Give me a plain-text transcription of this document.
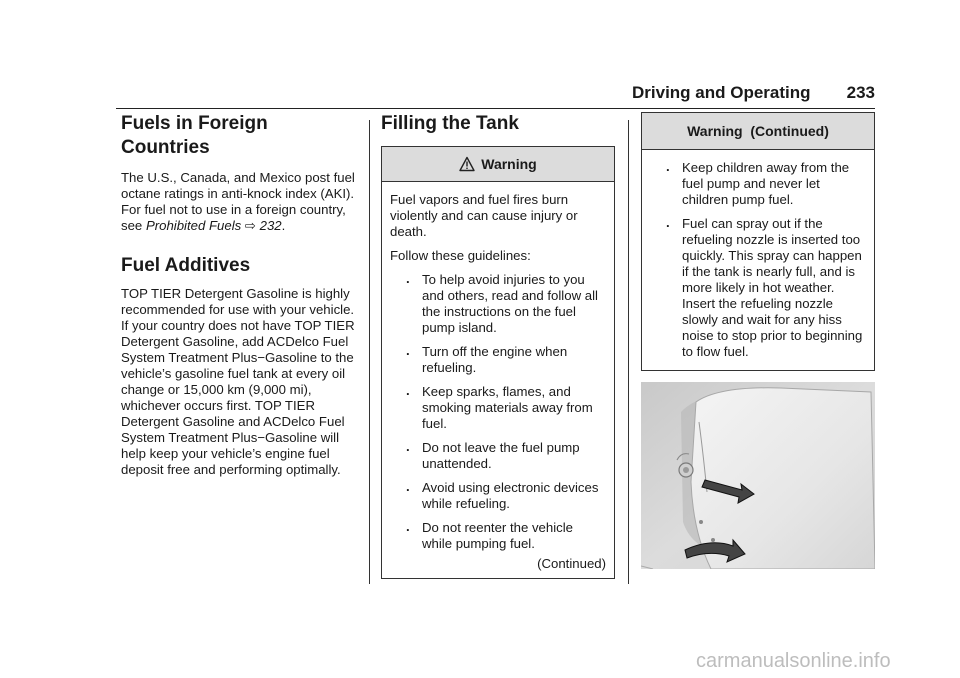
Driving and Operating 233
Fuels in Foreign Countries

The U.S., Canada, and Mexico post fuel octane ratings in anti-knock index (AKI). For fuel not to use in a foreign country, see Prohibited Fuels ⇨ 232.

Fuel Additives

TOP TIER Detergent Gasoline is highly recommended for use with your vehicle. If your country does not have TOP TIER Detergent Gasoline, add ACDelco Fuel System Treatment Plus−Gasoline to the vehicle’s gasoline fuel tank at every oil change or 15,000 km (9,000 mi), whichever occurs first. TOP TIER Detergent Gasoline and ACDelco Fuel System Treatment Plus−Gasoline will help keep your vehicle’s engine fuel deposit free and performing optimally.

Filling the Tank
Warning

Fuel vapors and fuel fires burn violently and can cause injury or death.

Follow these guidelines:

. To help avoid injuries to you and others, read and follow all the instructions on the fuel pump island.
. Turn off the engine when refueling.
. Keep sparks, flames, and smoking materials away from fuel.
. Do not leave the fuel pump unattended.
. Avoid using electronic devices while refueling.
. Do not reenter the vehicle while pumping fuel.
(Continued)
Warning  (Continued)
. Keep children away from the fuel pump and never let children pump fuel.
. Fuel can spray out if the refueling nozzle is inserted too quickly. This spray can happen if the tank is nearly full, and is more likely in hot weather. Insert the refueling nozzle slowly and wait for any hiss noise to stop prior to beginning to flow fuel.
carmanualsonline.info
